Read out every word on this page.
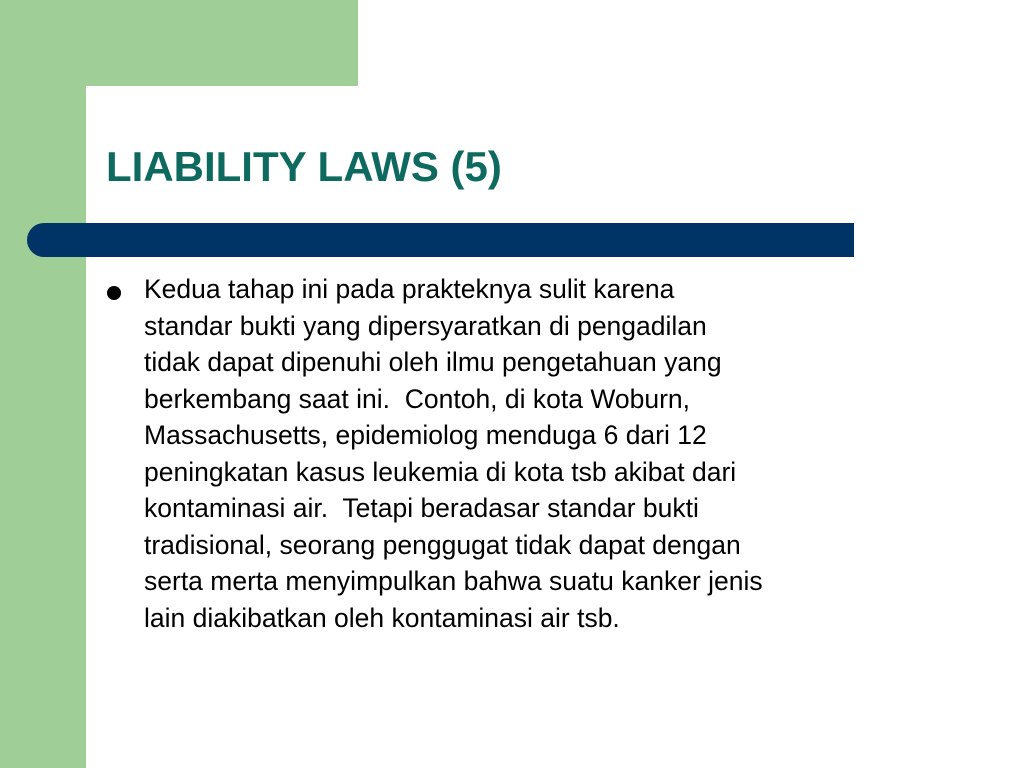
LIABILITY LAWS (5)

Kedua tahap ini pada prakteknya sulit karena
standar bukti yang dipersyaratkan di pengadilan
tidak dapat dipenuhi oleh ilmu pengetahuan yang
berkembang saat ini.  Contoh, di kota Woburn,
Massachusetts, epidemiolog menduga 6 dari 12
peningkatan kasus leukemia di kota tsb akibat dari
kontaminasi air.  Tetapi beradasar standar bukti
tradisional, seorang penggugat tidak dapat dengan
serta merta menyimpulkan bahwa suatu kanker jenis
lain diakibatkan oleh kontaminasi air tsb.
